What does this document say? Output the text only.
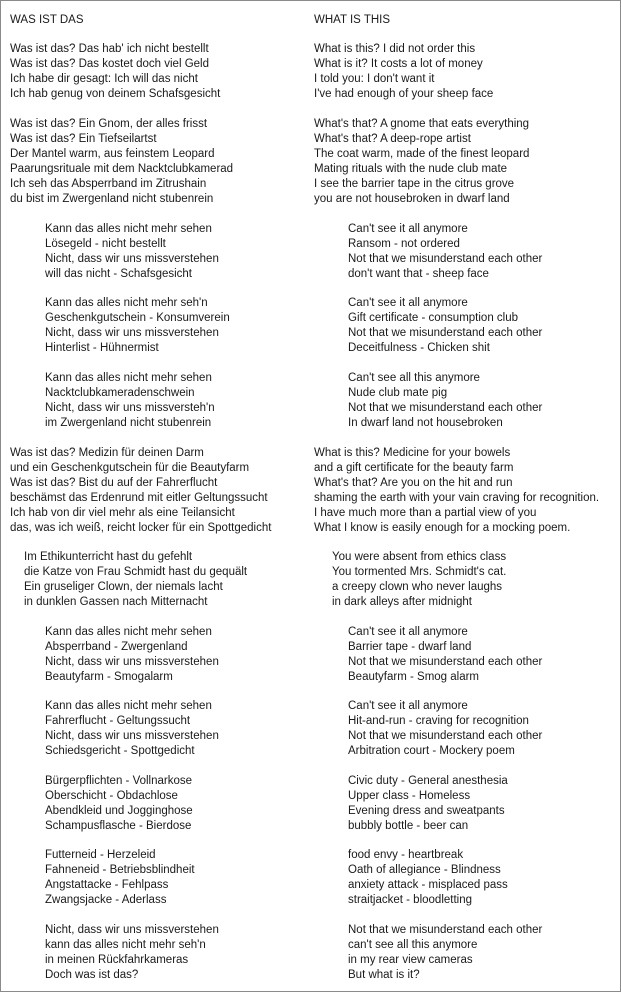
WAS IST DAS
Was ist das? Das hab' ich nicht bestellt
Was ist das? Das kostet doch viel Geld
Ich habe dir gesagt: Ich will das nicht
Ich hab genug von deinem Schafsgesicht
Was ist das? Ein Gnom, der alles frisst
Was ist das? Ein Tiefseilartst
Der Mantel warm, aus feinstem Leopard
Paarungsrituale mit dem Nacktclubkamerad
Ich seh das Absperrband im Zitrushain
du bist im Zwergenland nicht stubenrein
Kann das alles nicht mehr sehen
Lösegeld - nicht bestellt
Nicht, dass wir uns missverstehen
will das nicht - Schafsgesicht
Kann das alles nicht mehr seh'n
Geschenkgutschein - Konsumverein
Nicht, dass wir uns missverstehen
Hinterlist - Hühnermist
Kann das alles nicht mehr sehen
Nacktclubkameradenschwein
Nicht, dass wir uns missversteh'n
im Zwergenland nicht stubenrein
Was ist das? Medizin für deinen Darm
und ein Geschenkgutschein für die Beautyfarm
Was ist das? Bist du auf der Fahrerflucht
beschämst das Erdenrund mit eitler Geltungssucht
Ich hab von dir viel mehr als eine Teilansicht
das, was ich weiß, reicht locker für ein Spottgedicht
Im Ethikunterricht hast du gefehlt
die Katze von Frau Schmidt hast du gequält
Ein gruseliger Clown, der niemals lacht
in dunklen Gassen nach Mitternacht
Kann das alles nicht mehr sehen
Absperrband - Zwergenland
Nicht, dass wir uns missverstehen
Beautyfarm - Smogalarm
Kann das alles nicht mehr sehen
Fahrerflucht - Geltungssucht
Nicht, dass wir uns missverstehen
Schiedsgericht - Spottgedicht
Bürgerpflichten - Vollnarkose
Oberschicht - Obdachlose
Abendkleid und Jogginghose
Schampusflasche - Bierdose
Futterneid - Herzeleid
Fahneneid - Betriebsblindheit
Angstattacke - Fehlpass
Zwangsjacke - Aderlass
Nicht, dass wir uns missverstehen
kann das alles nicht mehr seh'n
in meinen Rückfahrkameras
Doch was ist das?
WHAT IS THIS
What is this? I did not order this
What is it? It costs a lot of money
I told you: I don't want it
I've had enough of your sheep face
What's that? A gnome that eats everything
What's that? A deep-rope artist
The coat warm, made of the finest leopard
Mating rituals with the nude club mate
I see the barrier tape in the citrus grove
you are not housebroken in dwarf land
Can't see it all anymore
Ransom - not ordered
Not that we misunderstand each other
don't want that - sheep face
Can't see it all anymore
Gift certificate - consumption club
Not that we misunderstand each other
Deceitfulness - Chicken shit
Can't see all this anymore
Nude club mate pig
Not that we misunderstand each other
In dwarf land not housebroken
What is this? Medicine for your bowels
and a gift certificate for the beauty farm
What's that? Are you on the hit and run
shaming the earth with your vain craving for recognition.
I have much more than a partial view of you
What I know is easily enough for a mocking poem.
You were absent from ethics class
You tormented Mrs. Schmidt's cat.
a creepy clown who never laughs
in dark alleys after midnight
Can't see it all anymore
Barrier tape - dwarf land
Not that we misunderstand each other
Beautyfarm - Smog alarm
Can't see it all anymore
Hit-and-run - craving for recognition
Not that we misunderstand each other
Arbitration court - Mockery poem
Civic duty - General anesthesia
Upper class - Homeless
Evening dress and sweatpants
bubbly bottle - beer can
food envy - heartbreak
Oath of allegiance - Blindness
anxiety attack - misplaced pass
straitjacket - bloodletting
Not that we misunderstand each other
can't see all this anymore
in my rear view cameras
But what is it?
